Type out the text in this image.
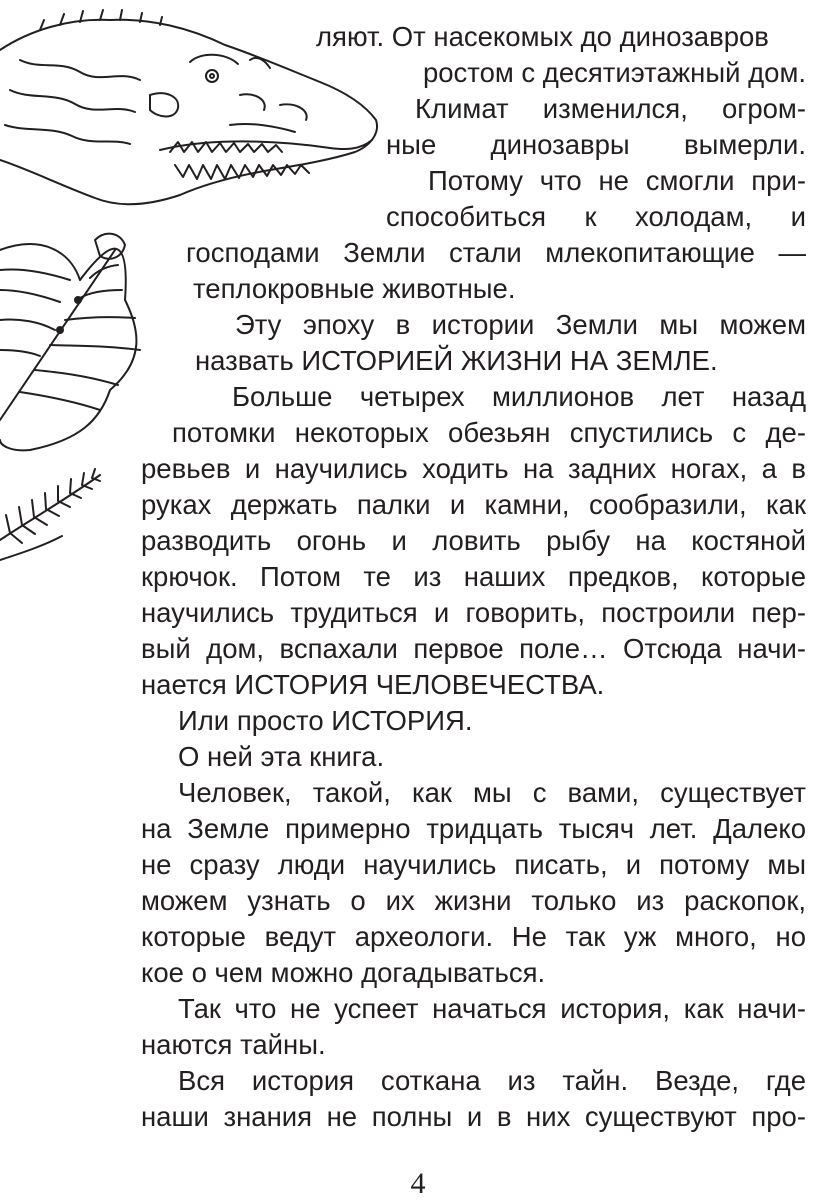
ляют. От насекомых до динозавров
ростом с десятиэтажный дом.
Климат изменился, огром-
ные динозавры вымерли.
Потому что не смогли при-
способиться к холодам, и
господами Земли стали млекопитающие —
теплокровные животные.
Эту эпоху в истории Земли мы можем
назвать ИСТОРИЕЙ ЖИЗНИ НА ЗЕМЛЕ.
Больше четырех миллионов лет назад
потомки некоторых обезьян спустились с де-
ревьев и научились ходить на задних ногах, а в
руках держать палки и камни, сообразили, как
разводить огонь и ловить рыбу на костяной
крючок. Потом те из наших предков, которые
научились трудиться и говорить, построили пер-
вый дом, вспахали первое поле… Отсюда начи-
нается ИСТОРИЯ ЧЕЛОВЕЧЕСТВА.
Или просто ИСТОРИЯ.
О ней эта книга.
Человек, такой, как мы с вами, существует
на Земле примерно тридцать тысяч лет. Далеко
не сразу люди научились писать, и потому мы
можем узнать о их жизни только из раскопок,
которые ведут археологи. Не так уж много, но
кое о чем можно догадываться.
Так что не успеет начаться история, как начи-
наются тайны.
Вся история соткана из тайн. Везде, где
наши знания не полны и в них существуют про-
4
